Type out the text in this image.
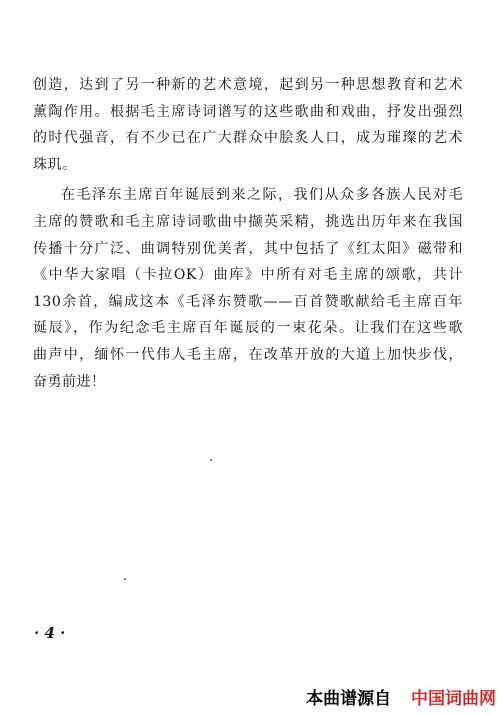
创造，达到了另一种新的艺术意境，起到另一种思想教育和艺术
薰陶作用。根据毛主席诗词谱写的这些歌曲和戏曲，抒发出强烈
的时代强音，有不少已在广大群众中脍炙人口，成为璀璨的艺术
珠玑。

在毛泽东主席百年诞辰到来之际，我们从众多各族人民对毛
主席的赞歌和毛主席诗词歌曲中撷英采精，挑选出历年来在我国
传播十分广泛、曲调特别优美者，其中包括了《红太阳》磁带和
《中华大家唱（卡拉OK）曲库》中所有对毛主席的颂歌，共计
130余首，编成这本《毛泽东赞歌——百首赞歌献给毛主席百年
诞辰》，作为纪念毛主席百年诞辰的一束花朵。让我们在这些歌
曲声中，缅怀一代伟人毛主席，在改革开放的大道上加快步伐，
奋勇前进！

· 4 ·
本曲谱源自 中国词曲网
